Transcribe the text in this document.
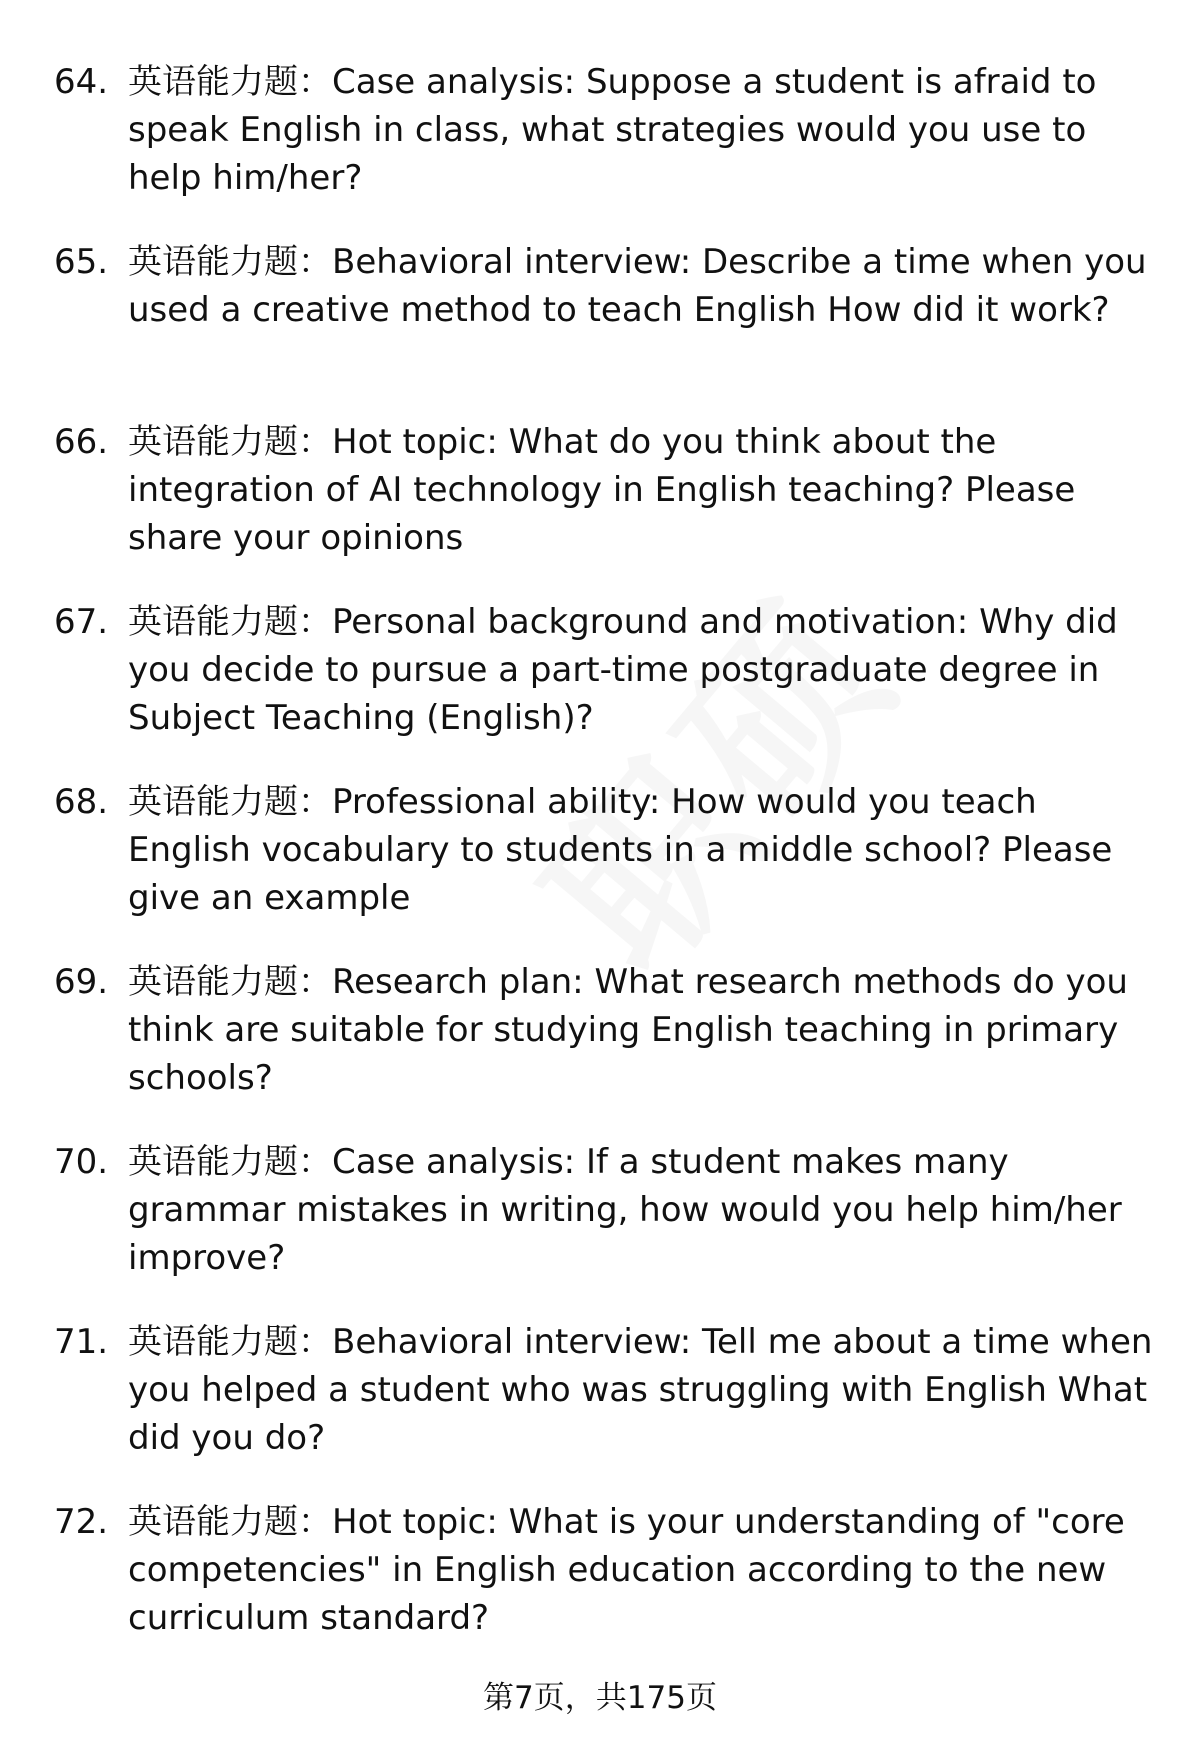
64. 英语能力题：Case analysis: Suppose a student is afraid to speak English in class, what strategies would you use to help him/her?
65. 英语能力题：Behavioral interview: Describe a time when you used a creative method to teach English How did it work?
66. 英语能力题：Hot topic: What do you think about the integration of AI technology in English teaching? Please share your opinions
67. 英语能力题：Personal background and motivation: Why did you decide to pursue a part-time postgraduate degree in Subject Teaching (English)?
68. 英语能力题：Professional ability: How would you teach English vocabulary to students in a middle school? Please give an example
69. 英语能力题：Research plan: What research methods do you think are suitable for studying English teaching in primary schools?
70. 英语能力题：Case analysis: If a student makes many grammar mistakes in writing, how would you help him/her improve?
71. 英语能力题：Behavioral interview: Tell me about a time when you helped a student who was struggling with English What did you do?
72. 英语能力题：Hot topic: What is your understanding of "core competencies" in English education according to the new curriculum standard?
第7页，共175页
